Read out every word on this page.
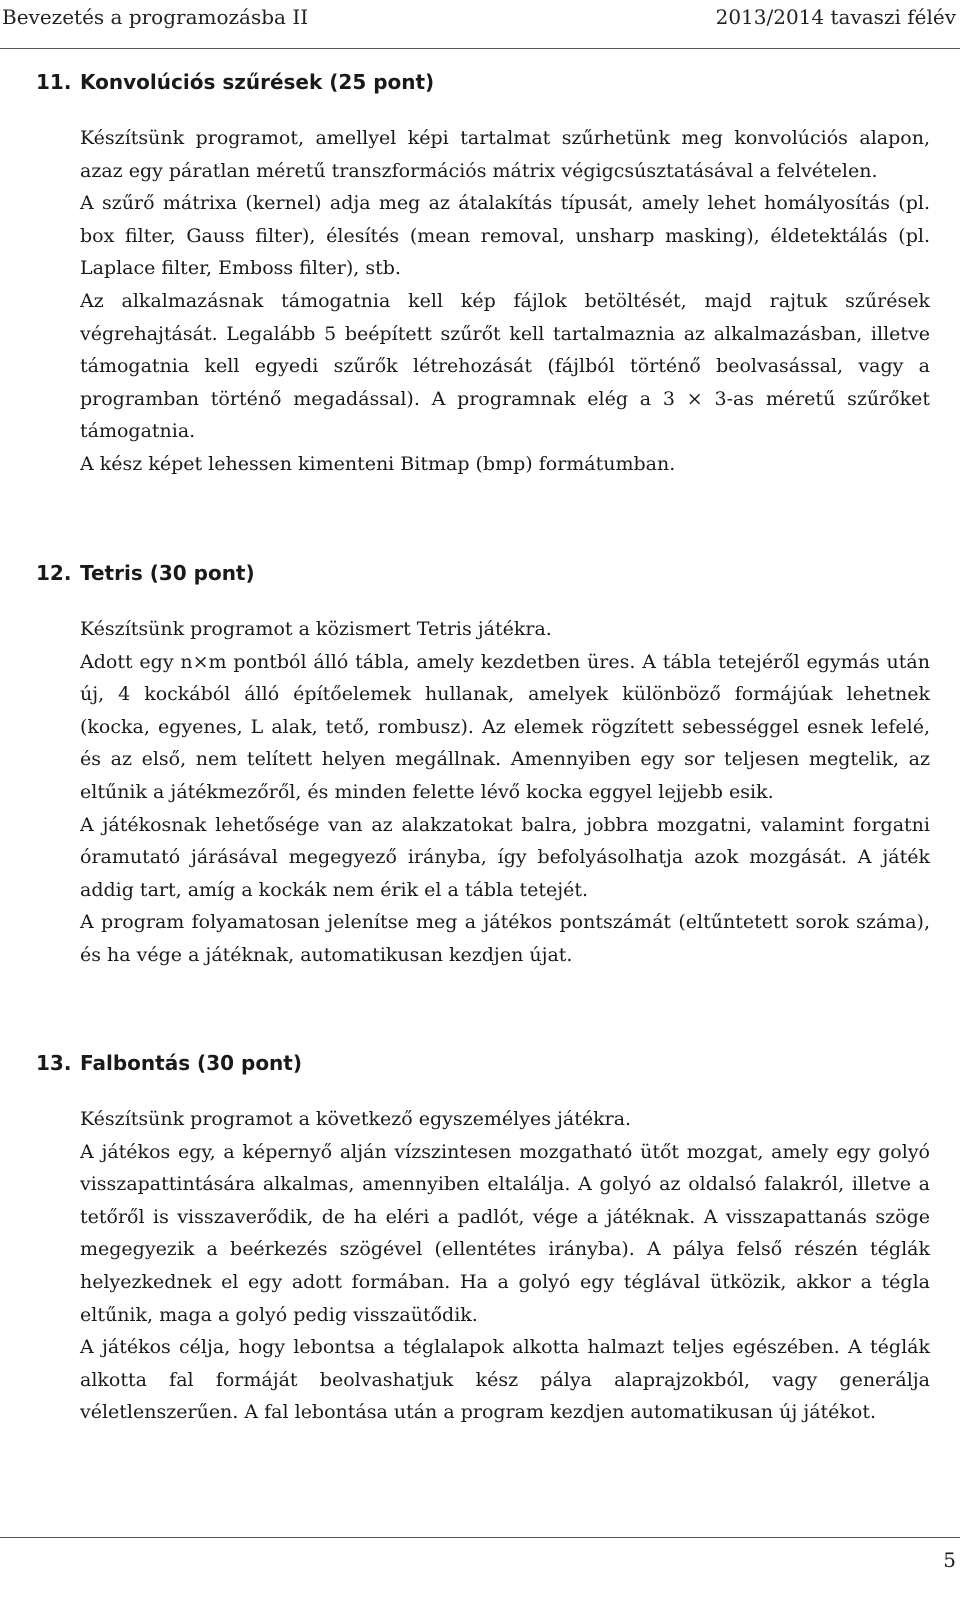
Bevezetés a programozásba II	2013/2014 tavaszi félév
11. Konvolúciós szűrések (25 pont)

Készítsünk programot, amellyel képi tartalmat szűrhetünk meg konvolúciós alapon, azaz egy páratlan méretű transzformációs mátrix végigcsúsztatásával a felvételen.

A szűrő mátrixa (kernel) adja meg az átalakítás típusát, amely lehet homályosítás (pl. box filter, Gauss filter), élesítés (mean removal, unsharp masking), éldetektálás (pl. Laplace filter, Emboss filter), stb.

Az alkalmazásnak támogatnia kell kép fájlok betöltését, majd rajtuk szűrések végrehajtását. Legalább 5 beépített szűrőt kell tartalmaznia az alkalmazásban, illetve támogatnia kell egyedi szűrők létrehozását (fájlból történő beolvasással, vagy a programban történő megadással). A programnak elég a 3 × 3-as méretű szűrőket támogatnia.

A kész képet lehessen kimenteni Bitmap (bmp) formátumban.

12. Tetris (30 pont)

Készítsünk programot a közismert Tetris játékra.

Adott egy n×m pontból álló tábla, amely kezdetben üres. A tábla tetejéről egymás után új, 4 kockából álló építőelemek hullanak, amelyek különböző formájúak lehetnek (kocka, egyenes, L alak, tető, rombusz). Az elemek rögzített sebességgel esnek lefelé, és az első, nem telített helyen megállnak. Amennyiben egy sor teljesen megtelik, az eltűnik a játékmezőről, és minden felette lévő kocka eggyel lejjebb esik.

A játékosnak lehetősége van az alakzatokat balra, jobbra mozgatni, valamint forgatni óramutató járásával megegyező irányba, így befolyásolhatja azok mozgását. A játék addig tart, amíg a kockák nem érik el a tábla tetejét.

A program folyamatosan jelenítse meg a játékos pontszámát (eltűntetett sorok száma), és ha vége a játéknak, automatikusan kezdjen újat.

13. Falbontás (30 pont)

Készítsünk programot a következő egyszemélyes játékra.

A játékos egy, a képernyő alján vízszintesen mozgatható ütőt mozgat, amely egy golyó visszapattintására alkalmas, amennyiben eltalálja. A golyó az oldalsó falakról, illetve a tetőről is visszaverődik, de ha eléri a padlót, vége a játéknak. A visszapattanás szöge megegyezik a beérkezés szögével (ellentétes irányba). A pálya felső részén téglák helyezkednek el egy adott formában. Ha a golyó egy téglával ütközik, akkor a tégla eltűnik, maga a golyó pedig visszaütődik.

A játékos célja, hogy lebontsa a téglalapok alkotta halmazt teljes egészében. A téglák alkotta fal formáját beolvashatjuk kész pálya alaprajzokból, vagy generálja véletlenszerűen. A fal lebontása után a program kezdjen automatikusan új játékot.

5
